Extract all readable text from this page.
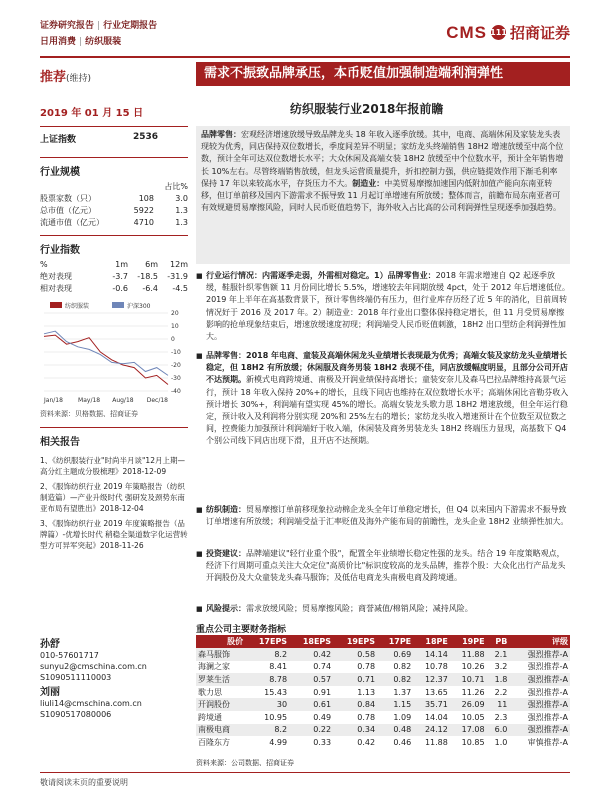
证券研究报告 | 行业定期报告
日用消费 | 纺织服装
CMS 111 招商证券
推荐(维持)	需求不振致品牌承压，本币贬值加强制造端利润弹性
2019 年 01 月 15 日	纺织服装行业2018年报前瞻
上证指数	2536
行业规模
占比%
股票家数（只）	108	3.0
总市值（亿元）	5922	1.3
流通市值（亿元）	4710	1.3
行业指数
%	1m	6m	12m
绝对表现	-3.7	-18.5	-31.9
相对表现	-0.6	-6.4	-4.5
纺织服装	沪深300
20
10
0
-10
-20
-30
-40
Jan/18	May/18 Aug/18 Dec/18
资料来源：贝格数据、招商证券
相关报告
1、《纺织服装行业"时尚半月谈"12月上期—高分红主题成分股梳理》2018-12-09
2、《服饰纺织行业 2019 年策略报告（纺织制造篇）—产业升级时代 强研发及颈势东南亚布局有望胜出》2018-12-04
3、《服饰纺织行业 2019 年度策略报告（品牌篇）-优增长时代 稍稳全渠道数字化运营转型方可异军突起》2018-11-26
孙舒
010-57601717
sunyu2@cmschina.com.cn
S1090511110003
刘丽
liuli14@cmschina.com.cn
S1090517080006
品牌零售：宏观经济增速放缓导致品牌龙头 18 年收入逐季放缓。其中，电商、高端休闲及家装龙头表现较为优秀，同店保持双位数增长，季度间差异不明显；家纺龙头终端销售 18H2 增速放缓至中高个位数，预计全年可达双位数增长水平；大众休闲及高端女装 18H2 放缓至中个位数水平，预计全年销售增长 10%左右。尽管终端销售放缓，但龙头运营质量提升，折扣控制力强，供应链提效作用下渐毛利率保持 17 年以来较高水平，存货压力不大。制造业：中美贸易摩擦加速国内低附加值产能向东南亚转移，但订单前移及国内下游需求不振导致 11 月起订单增速有所放缓；整体而言，前瞻布局东南亚者可有效规避贸易摩擦风险，同时人民币贬值趋势下，海外收入占比高的公司利润弹性呈现逐季加强趋势。
■ 行业运行情况：内需逐季走弱，外需相对稳定。1）品牌零售业：2018 年需求增速自 Q2 起逐季放缓，鞋服针织零售额 11 月份同比增长 5.5%，增速较去年同期放缓 4pct，处于 2012 年后增速低位。2019 年上半年在高基数背景下，预计零售终端仍有压力，但行业库存历经了近 5 年的消化，目前周转情况好于 2016 及 2017 年。2）制造业：2018 年行业出口整体保持稳定增长，但 11 月受贸易摩擦影响的抢单现象结束后，增速放缓速度初现；利润端受人民币贬值刺激，18H2 出口型纺企利润弹性加大。
■ 品牌零售：2018 年电商、童装及高端休闲龙头业绩增长表现最为优秀；高端女装及家纺龙头业绩增长稳定，但 18H2 有所放缓；休闲服及商务男装 18H2 表现不佳，同店放缓幅度明显，且部分公司开店不达预期。新模式电商跨境通、南极及开润业绩保持高增长；童装安奈儿及森马巴拉品牌维持高景气运行，预计 18 年收入保持 20%+的增长，且线下同店也维持在双位数增长水平；高端休闲比音勒芬收入预计增长 30%+，利润端有望实现 45%的增长。高端女装龙头歌力思 18H2 增速放缓，但全年运行稳定，预计收入及利润将分别实现 20%和 25%左右的增长；家纺龙头收入增速预计在个位数至双位数之间，控费能力加强预计利润端好于收入端，休闲装及商务男装龙头 18H2 终端压力显现，高基数下 Q4 个别公司线下同店出现下滑，且开店不达预期。
■ 纺织制造：贸易摩擦订单前移现象拉动棉企龙头全年订单稳定增长，但 Q4 以来国内下游需求不振导致订单增速有所放缓；利润端受益于汇率贬值及海外产能布局的前瞻性，龙头企业 18H2 业绩弹性加大。
■ 投资建议：品牌端建议"轻行业重个股"，配置全年业绩增长稳定性强的龙头。结合 19 年度策略观点，经济下行周期可重点关注大众定位"高质价比"标识度较高的龙头品牌，推荐个股：大众化出行产品龙头开润股份及大众童装龙头森马服饰；及低估电商龙头南极电商及跨境通。
■ 风险提示：需求放缓风险；贸易摩擦风险；商誉减值/棉销风险；减持风险。
重点公司主要财务指标
	股价	17EPS	18EPS	19EPS	17PE	18PE	19PE	PB	评级
森马服饰		8.2	0.42	0.58	0.69	14.14	11.88	2.1	强烈推荐-A
海澜之家		8.41	0.74	0.78	0.82	10.78	10.26	3.2	强烈推荐-A
罗莱生活		8.78	0.57	0.71	0.82	12.37	10.71	1.8	强烈推荐-A
歌力思		15.43	0.91	1.13	1.37	13.65	11.26	2.2	强烈推荐-A
开润股份		30	0.61	0.84	1.15	35.71	26.09	11	强烈推荐-A
跨境通		10.95	0.49	0.78	1.09	14.04	10.05	2.3	强烈推荐-A
南极电商		8.2	0.22	0.34	0.48	24.12	17.08	6.0	强烈推荐-A
百隆东方		4.99	0.33	0.42	0.46	11.88	10.85	1.0	审慎推荐-A
资料来源：公司数据、招商证券
敬请阅读末页的重要说明
